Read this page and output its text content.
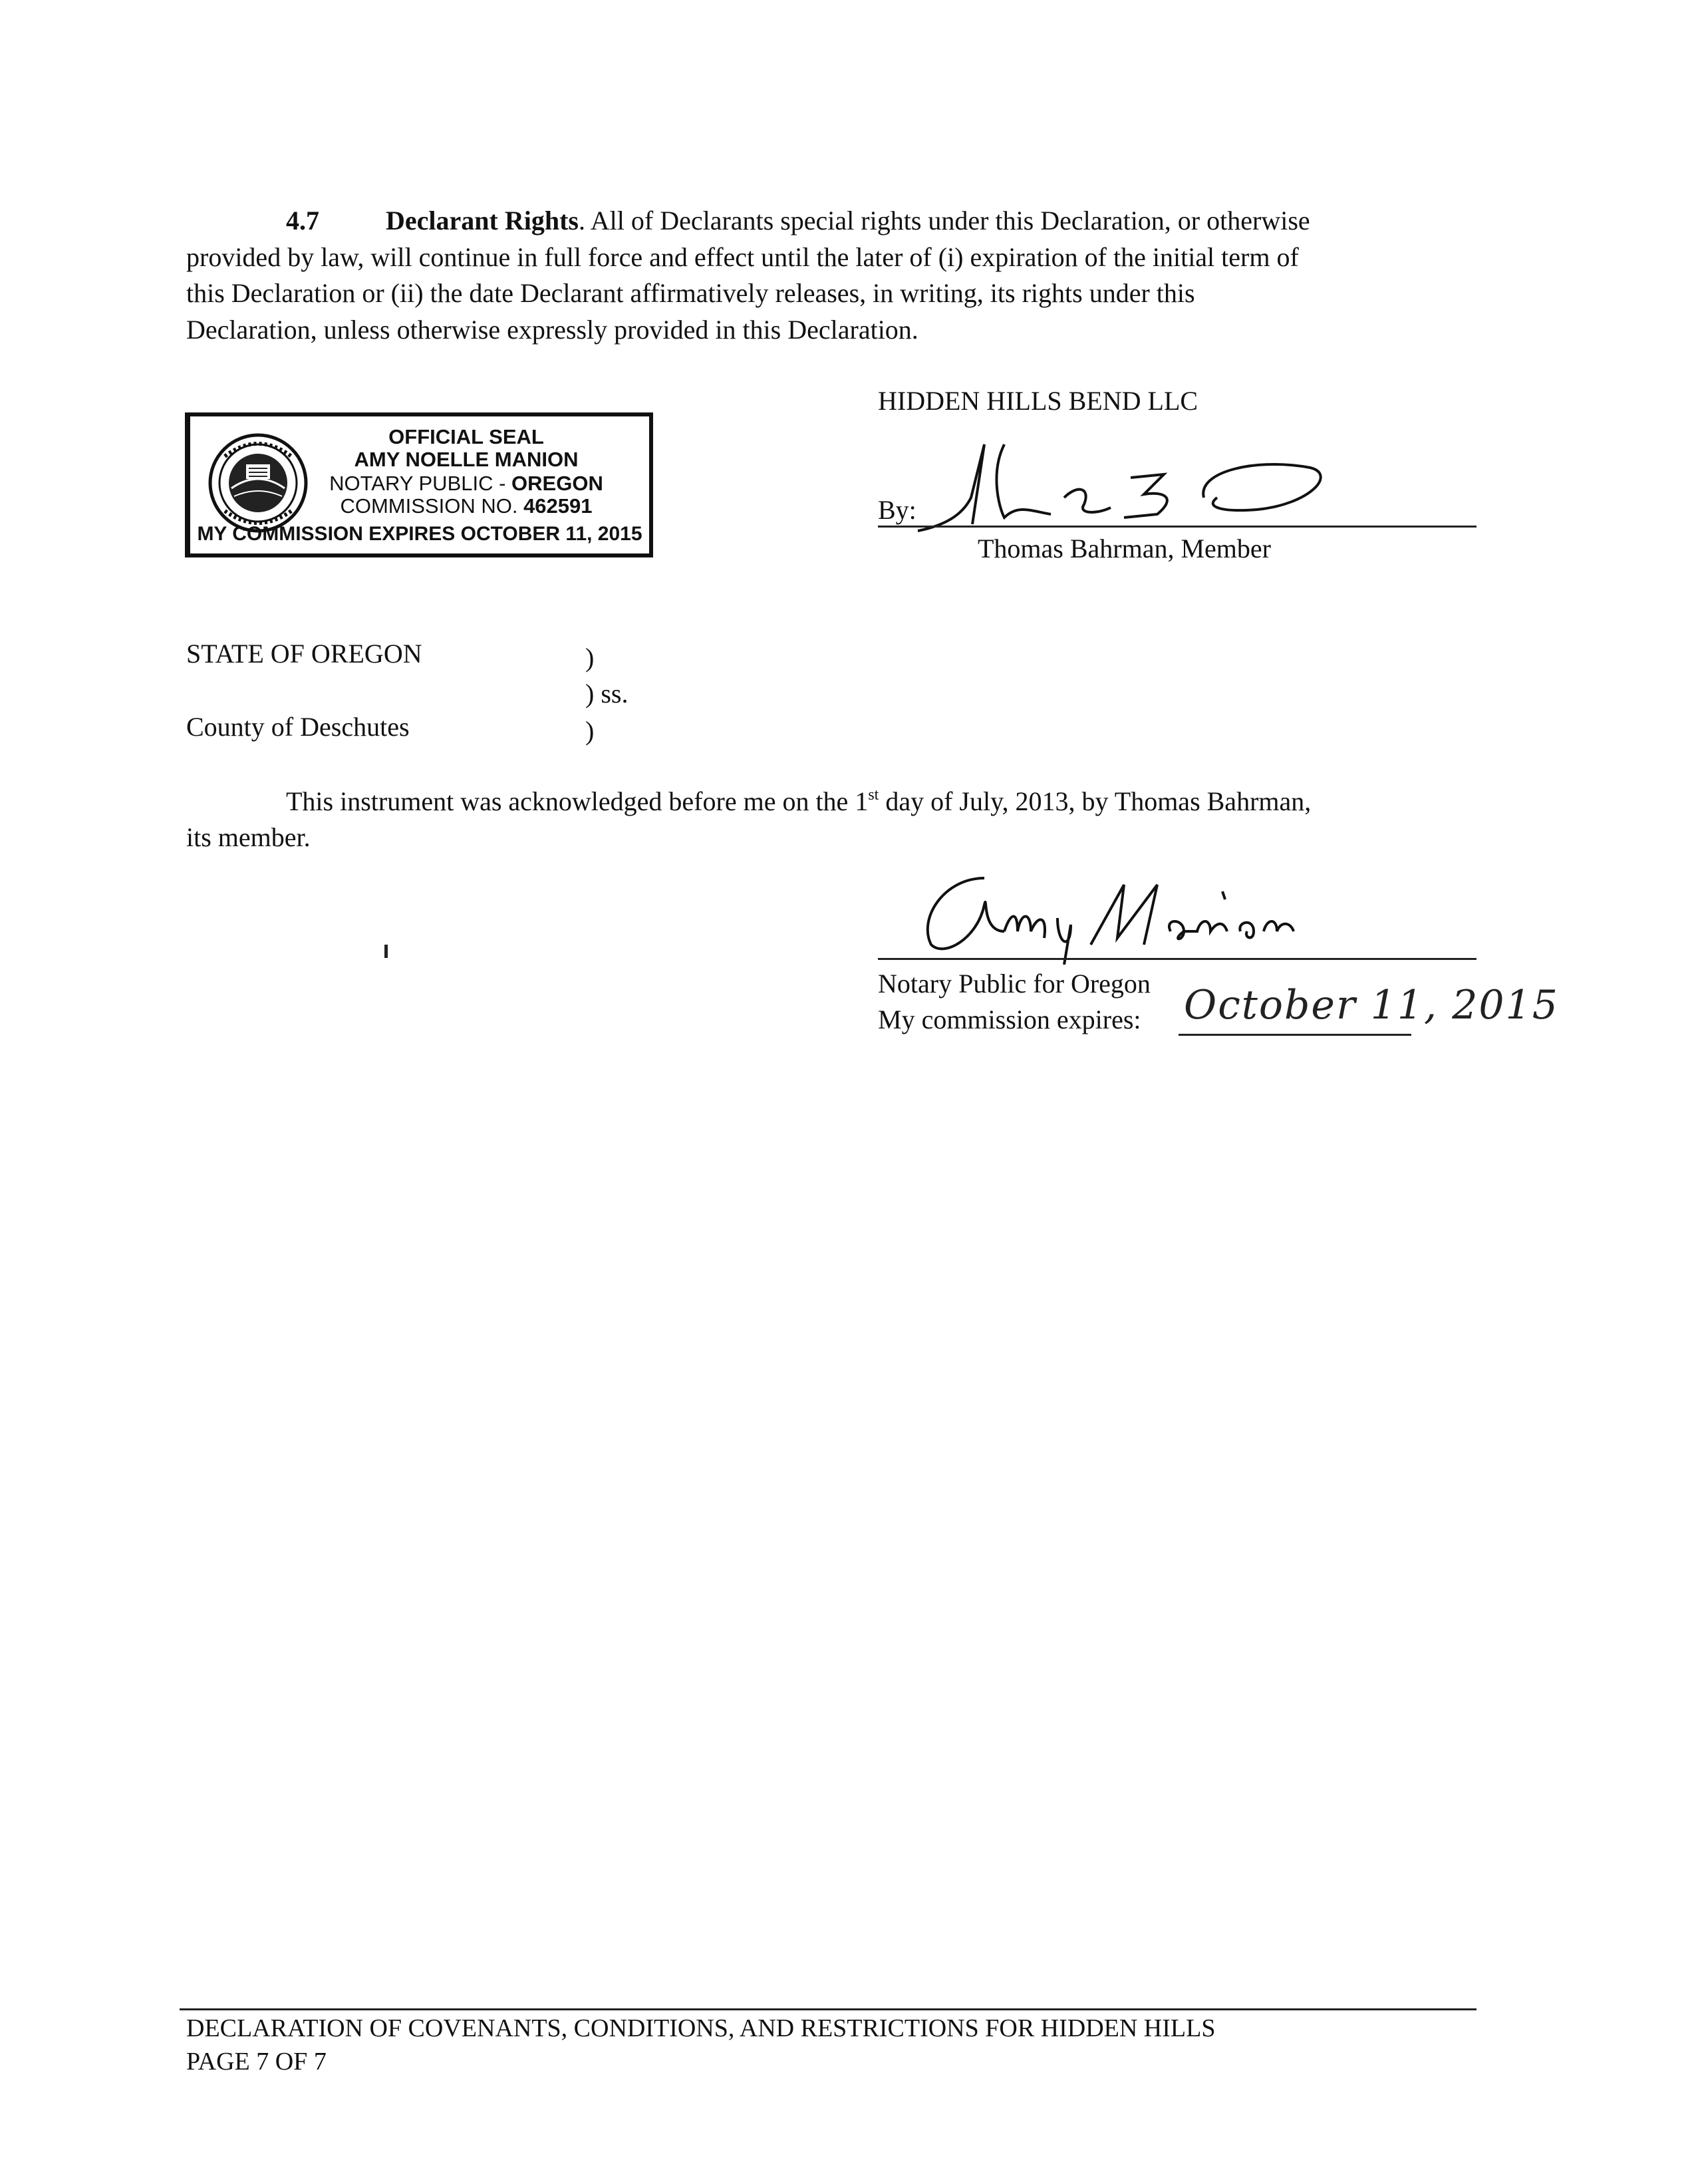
4.7	Declarant Rights. All of Declarants special rights under this Declaration, or otherwise
provided by law, will continue in full force and effect until the later of (i) expiration of the initial term of
this Declaration or (ii) the date Declarant affirmatively releases, in writing, its rights under this
Declaration, unless otherwise expressly provided in this Declaration.
OFFICIAL SEAL
AMY NOELLE MANION
NOTARY PUBLIC - OREGON
COMMISSION NO. 462591
MY COMMISSION EXPIRES OCTOBER 11, 2015
HIDDEN HILLS BEND LLC
By:
Thomas Bahrman, Member
STATE OF OREGON	)
) ss.
County of Deschutes	)
This instrument was acknowledged before me on the 1st day of July, 2013, by Thomas Bahrman,
its member.
Notary Public for Oregon
My commission expires: October 11, 2015
DECLARATION OF COVENANTS, CONDITIONS, AND RESTRICTIONS FOR HIDDEN HILLS
PAGE 7 OF 7
